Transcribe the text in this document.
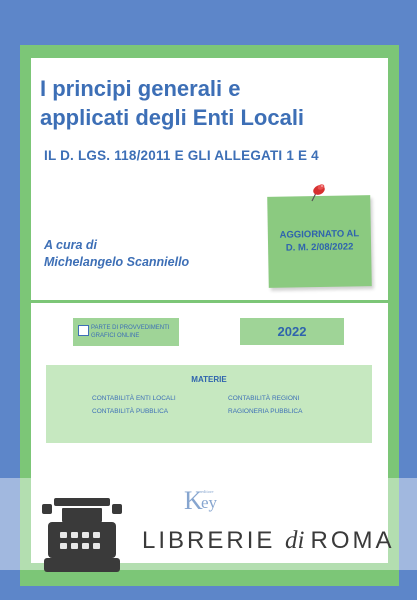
I principi generali e
applicati degli Enti Locali
IL D. LGS. 118/2011 E GLI ALLEGATI 1 E 4
A cura di
Michelangelo Scanniello
AGGIORNATO AL
D. M. 2/08/2022
PARTE DI PROVVEDIMENTI
GRAFICI ONLINE	2022
MATERIE
CONTABILITÀ ENTI LOCALI	CONTABILITÀ REGIONI
CONTABILITÀ PUBBLICA	RAGIONERIA PUBBLICA
K
editore
ey
LIBRERIE di ROMA
